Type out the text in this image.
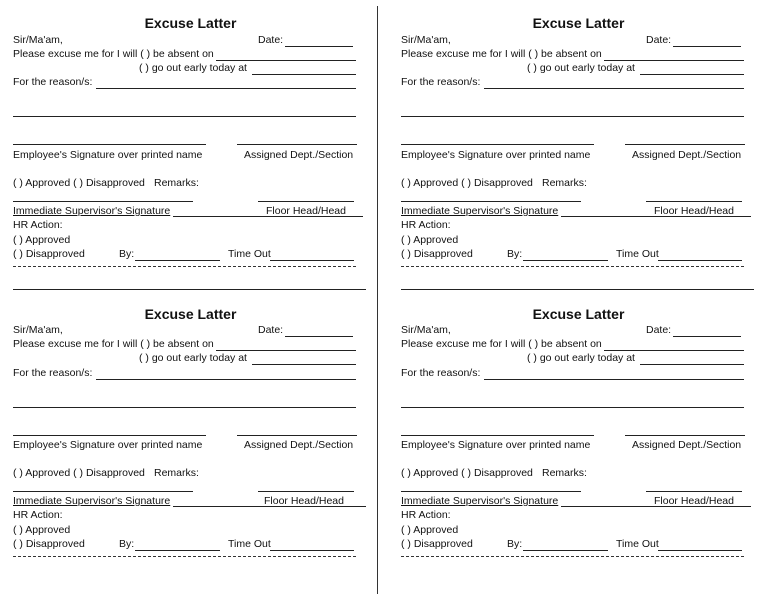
Excuse Latter
Sir/Ma'am,	Date:
Please excuse me for I will ( ) be absent on
( ) go out early today at
For the reason/s:
Employee's Signature over printed name	Assigned Dept./Section
( ) Approved ( ) Disapproved Remarks:
Immediate Supervisor's Signature	Floor Head/Head
HR Action:
( ) Approved
( ) Disapproved	By:	Time Out
Excuse Latter
Sir/Ma'am,	Date:
Please excuse me for I will ( ) be absent on
( ) go out early today at
For the reason/s:
Employee's Signature over printed name	Assigned Dept./Section
( ) Approved ( ) Disapproved Remarks:
Immediate Supervisor's Signature	Floor Head/Head
HR Action:
( ) Approved
( ) Disapproved	By:	Time Out
Excuse Latter
Sir/Ma'am,	Date:
Please excuse me for I will ( ) be absent on
( ) go out early today at
For the reason/s:
Employee's Signature over printed name	Assigned Dept./Section
( ) Approved ( ) Disapproved Remarks:
Immediate Supervisor's Signature	Floor Head/Head
HR Action:
( ) Approved
( ) Disapproved	By:	Time Out
Excuse Latter
Sir/Ma'am,	Date:
Please excuse me for I will ( ) be absent on
( ) go out early today at
For the reason/s:
Employee's Signature over printed name	Assigned Dept./Section
( ) Approved ( ) Disapproved Remarks:
Immediate Supervisor's Signature	Floor Head/Head
HR Action:
( ) Approved
( ) Disapproved	By:	Time Out
